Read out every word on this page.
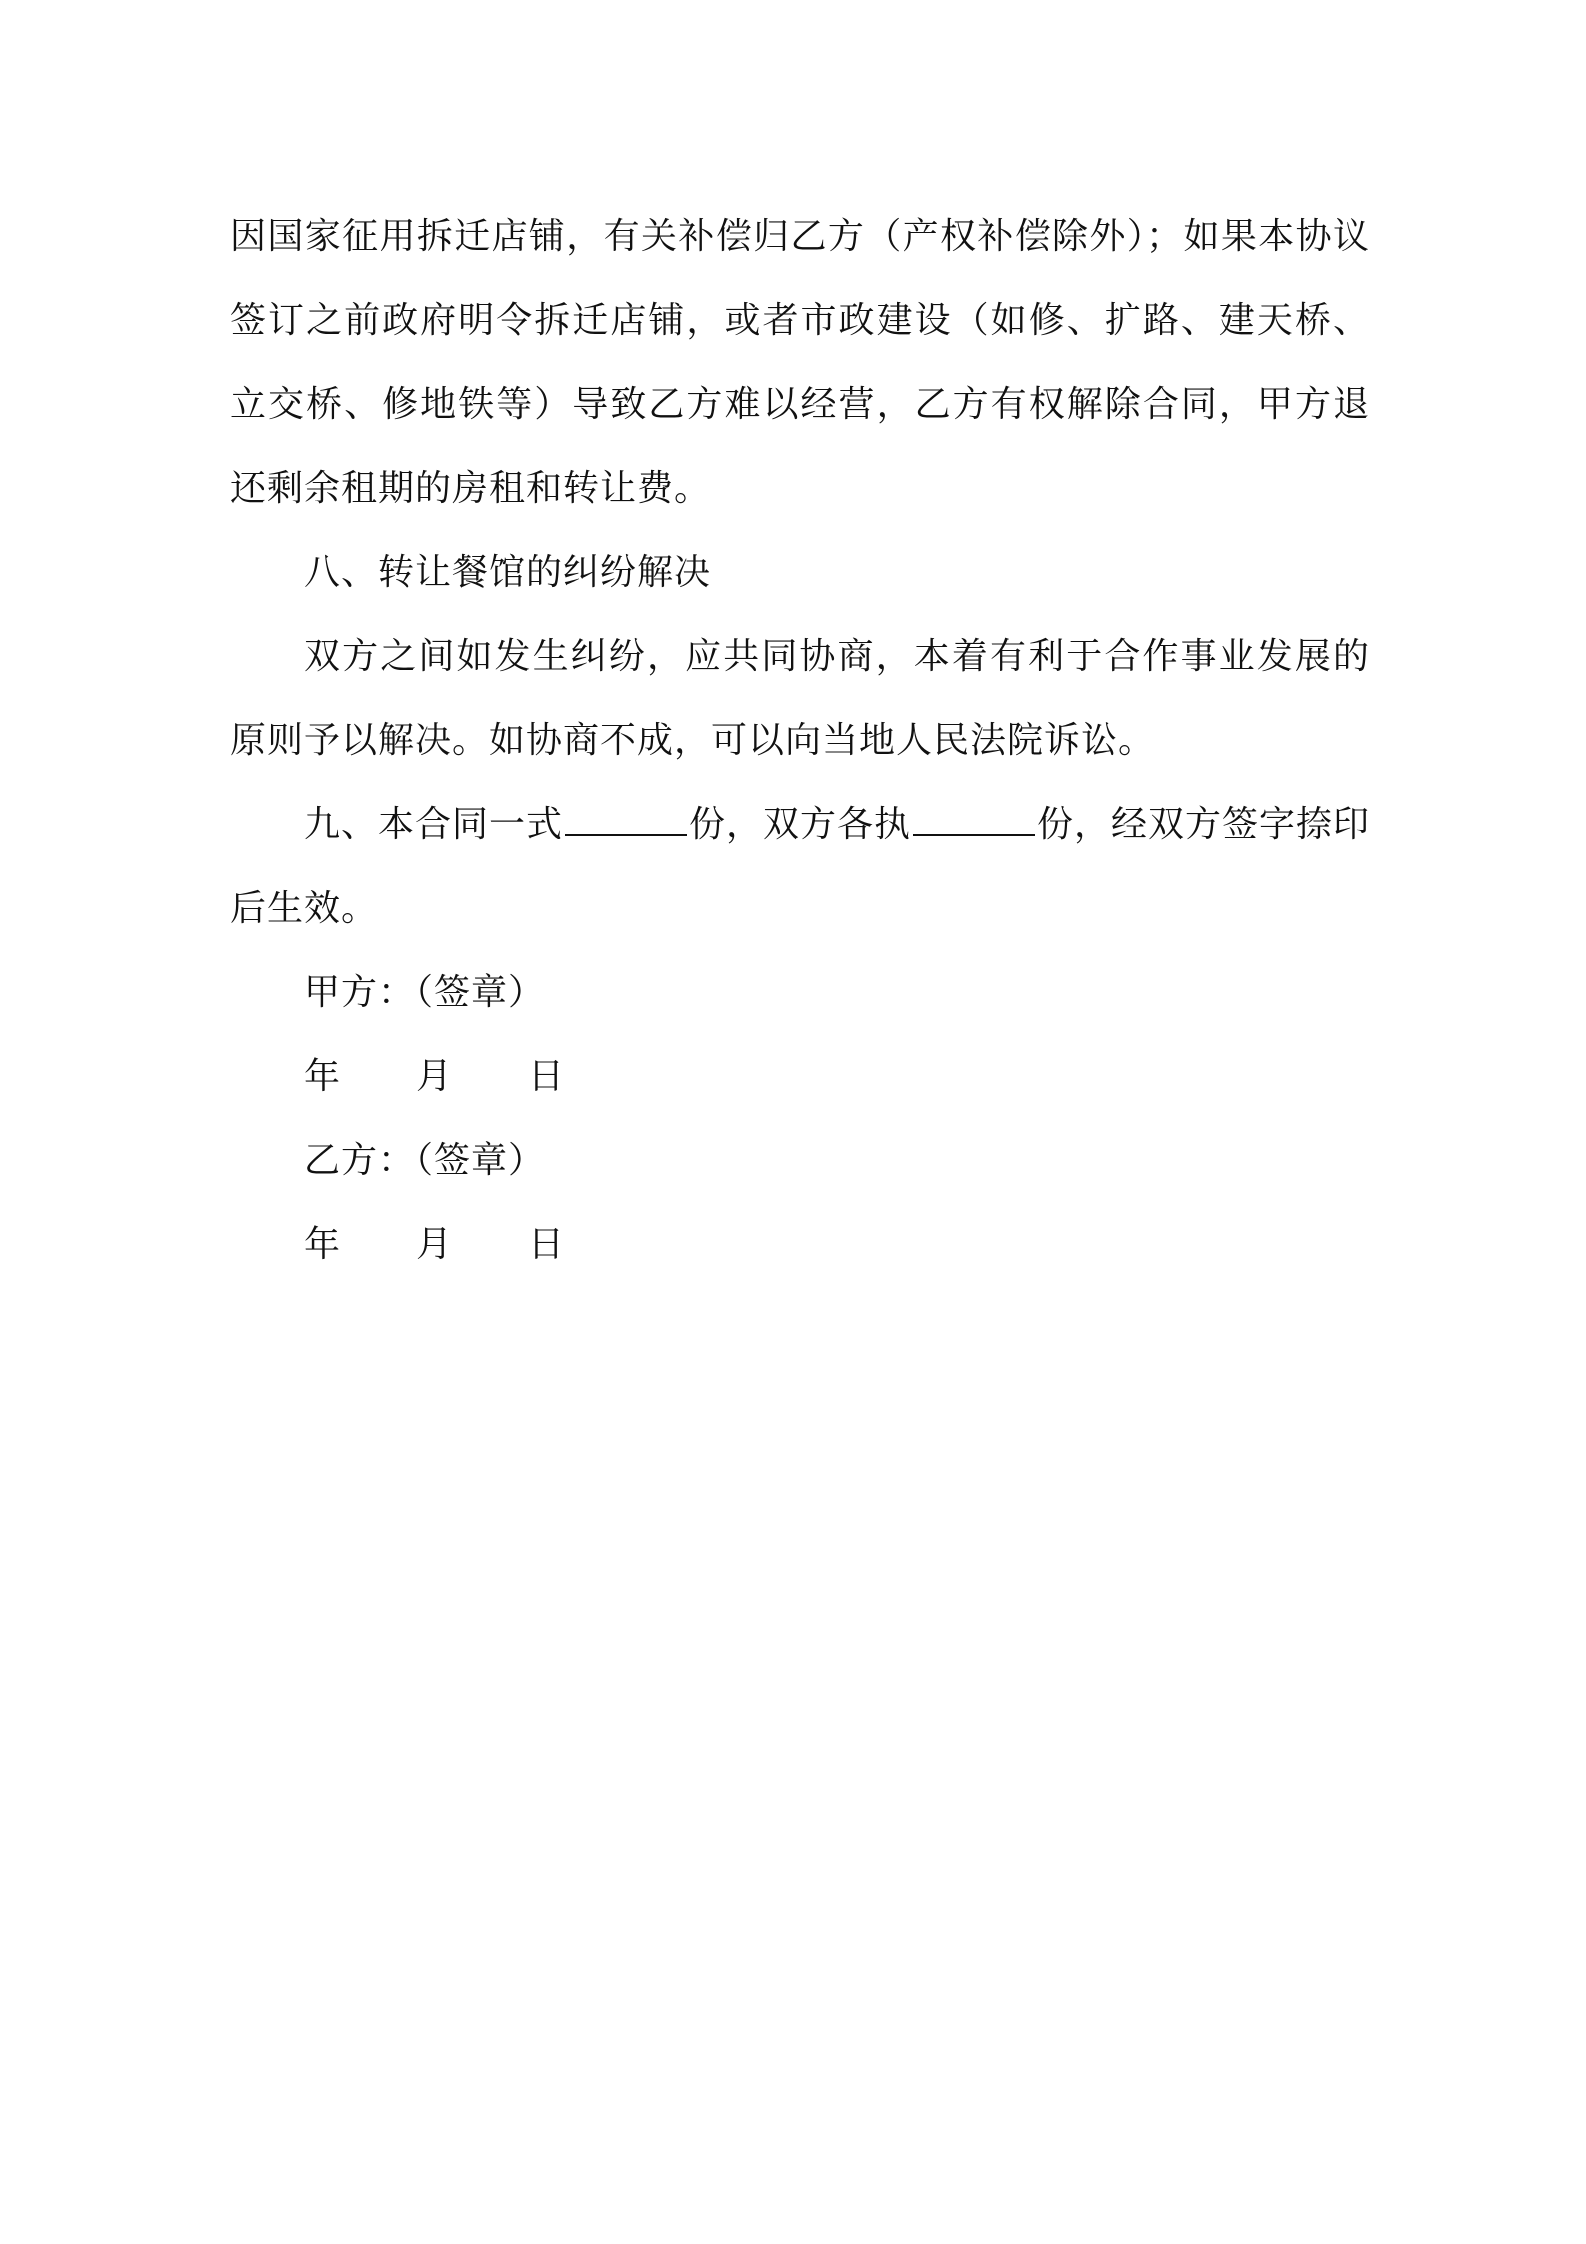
因国家征用拆迁店铺，有关补偿归乙方（产权补偿除外）；如果本协议
签订之前政府明令拆迁店铺，或者市政建设（如修、扩路、建天桥、
立交桥、修地铁等）导致乙方难以经营，乙方有权解除合同，甲方退
还剩余租期的房租和转让费。
八、转让餐馆的纠纷解决
双方之间如发生纠纷，应共同协商，本着有利于合作事业发展的
原则予以解决。如协商不成，可以向当地人民法院诉讼。
九、本合同一式	份，双方各执	份，经双方签字捺印
后生效。
甲方：（签章）
年 月 日
乙方：（签章）
年 月 日
